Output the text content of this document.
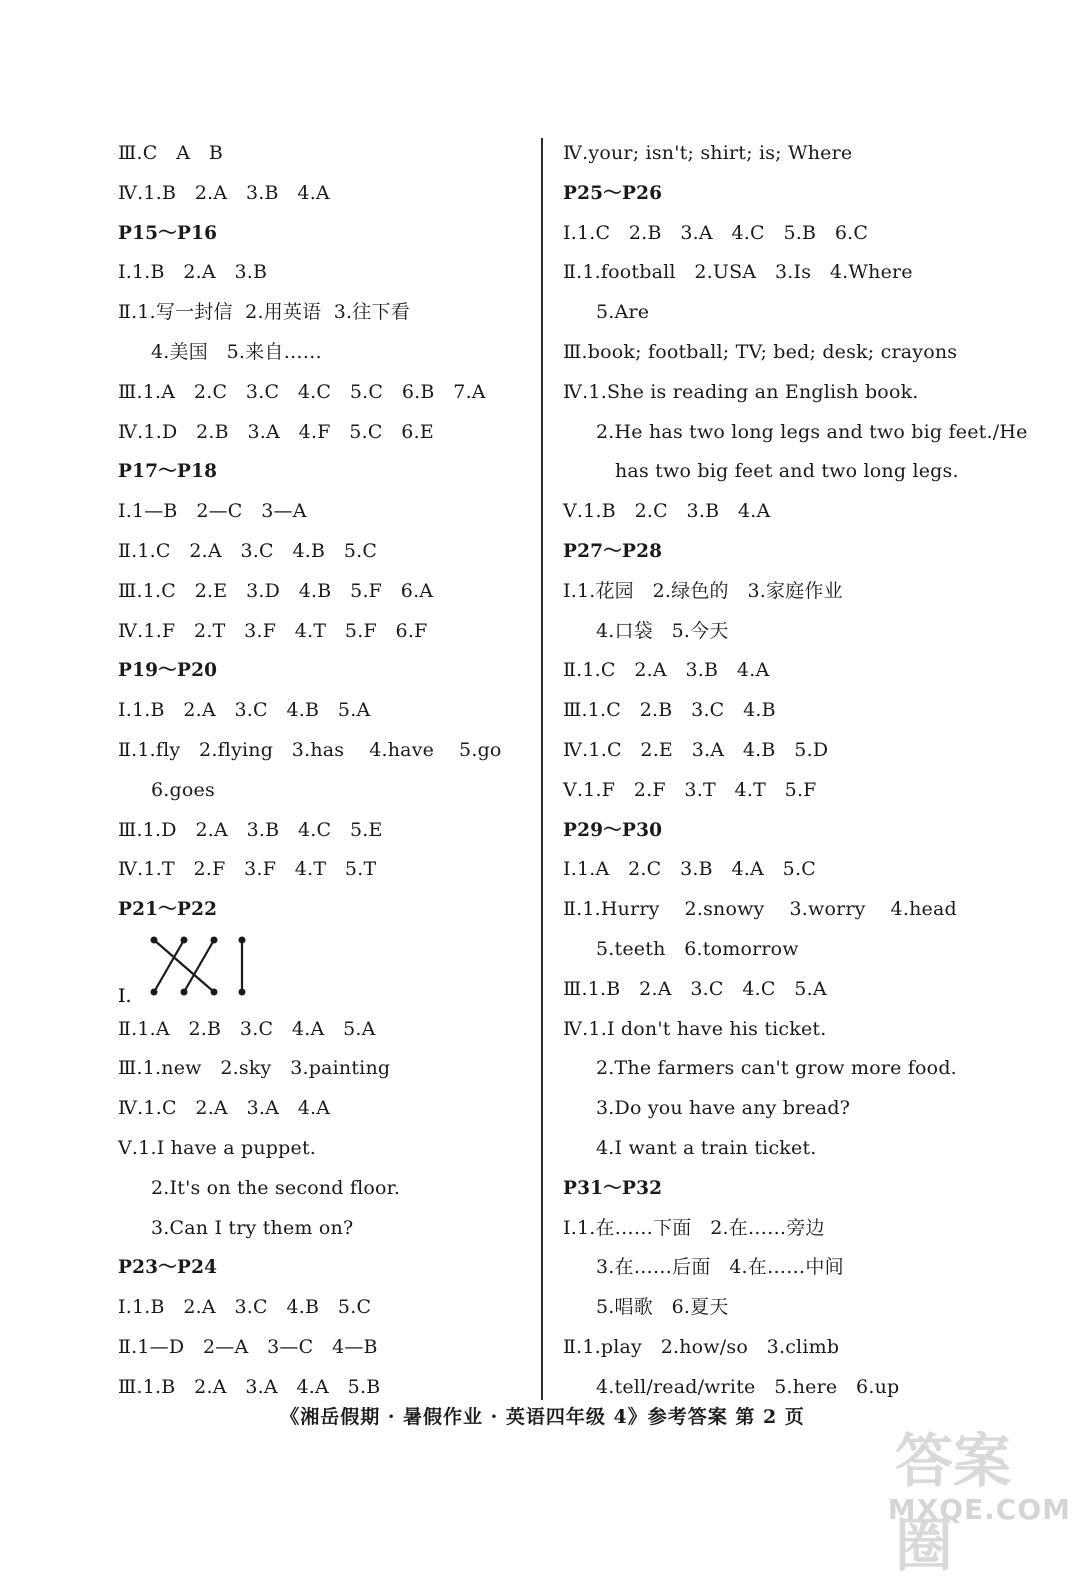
Ⅲ.C   A   B
Ⅳ.1.B   2.A   3.B   4.A
P15～P16
Ⅰ.1.B   2.A   3.B
Ⅱ.1.写一封信  2.用英语  3.往下看
4.美国   5.来自……
Ⅲ.1.A   2.C   3.C   4.C   5.C   6.B   7.A
Ⅳ.1.D   2.B   3.A   4.F   5.C   6.E
P17～P18
Ⅰ.1—B   2—C   3—A
Ⅱ.1.C   2.A   3.C   4.B   5.C
Ⅲ.1.C   2.E   3.D   4.B   5.F   6.A
Ⅳ.1.F   2.T   3.F   4.T   5.F   6.F
P19～P20
Ⅰ.1.B   2.A   3.C   4.B   5.A
Ⅱ.1.fly   2.flying   3.has    4.have    5.go
6.goes
Ⅲ.1.D   2.A   3.B   4.C   5.E
Ⅳ.1.T   2.F   3.F   4.T   5.T
P21～P22
Ⅰ.
Ⅱ.1.A   2.B   3.C   4.A   5.A
Ⅲ.1.new   2.sky   3.painting
Ⅳ.1.C   2.A   3.A   4.A
Ⅴ.1.I have a puppet.
2.It's on the second floor.
3.Can I try them on?
P23～P24
Ⅰ.1.B   2.A   3.C   4.B   5.C
Ⅱ.1—D   2—A   3—C   4—B
Ⅲ.1.B   2.A   3.A   4.A   5.B
Ⅳ.your; isn't; shirt; is; Where
P25～P26
Ⅰ.1.C   2.B   3.A   4.C   5.B   6.C
Ⅱ.1.football   2.USA   3.Is   4.Where
5.Are
Ⅲ.book; football; TV; bed; desk; crayons
Ⅳ.1.She is reading an English book.
2.He has two long legs and two big feet./He
has two big feet and two long legs.
Ⅴ.1.B   2.C   3.B   4.A
P27～P28
Ⅰ.1.花园   2.绿色的   3.家庭作业
4.口袋   5.今天
Ⅱ.1.C   2.A   3.B   4.A
Ⅲ.1.C   2.B   3.C   4.B
Ⅳ.1.C   2.E   3.A   4.B   5.D
Ⅴ.1.F   2.F   3.T   4.T   5.F
P29～P30
Ⅰ.1.A   2.C   3.B   4.A   5.C
Ⅱ.1.Hurry    2.snowy    3.worry    4.head
5.teeth   6.tomorrow
Ⅲ.1.B   2.A   3.C   4.C   5.A
Ⅳ.1.I don't have his ticket.
2.The farmers can't grow more food.
3.Do you have any bread?
4.I want a train ticket.
P31～P32
Ⅰ.1.在……下面   2.在……旁边
3.在……后面   4.在……中间
5.唱歌   6.夏天
Ⅱ.1.play   2.how/so   3.climb
4.tell/read/write   5.here   6.up
《湘岳假期 · 暑假作业 · 英语四年级 4》参考答案 第 2 页
答案圈
MXQE.COM
